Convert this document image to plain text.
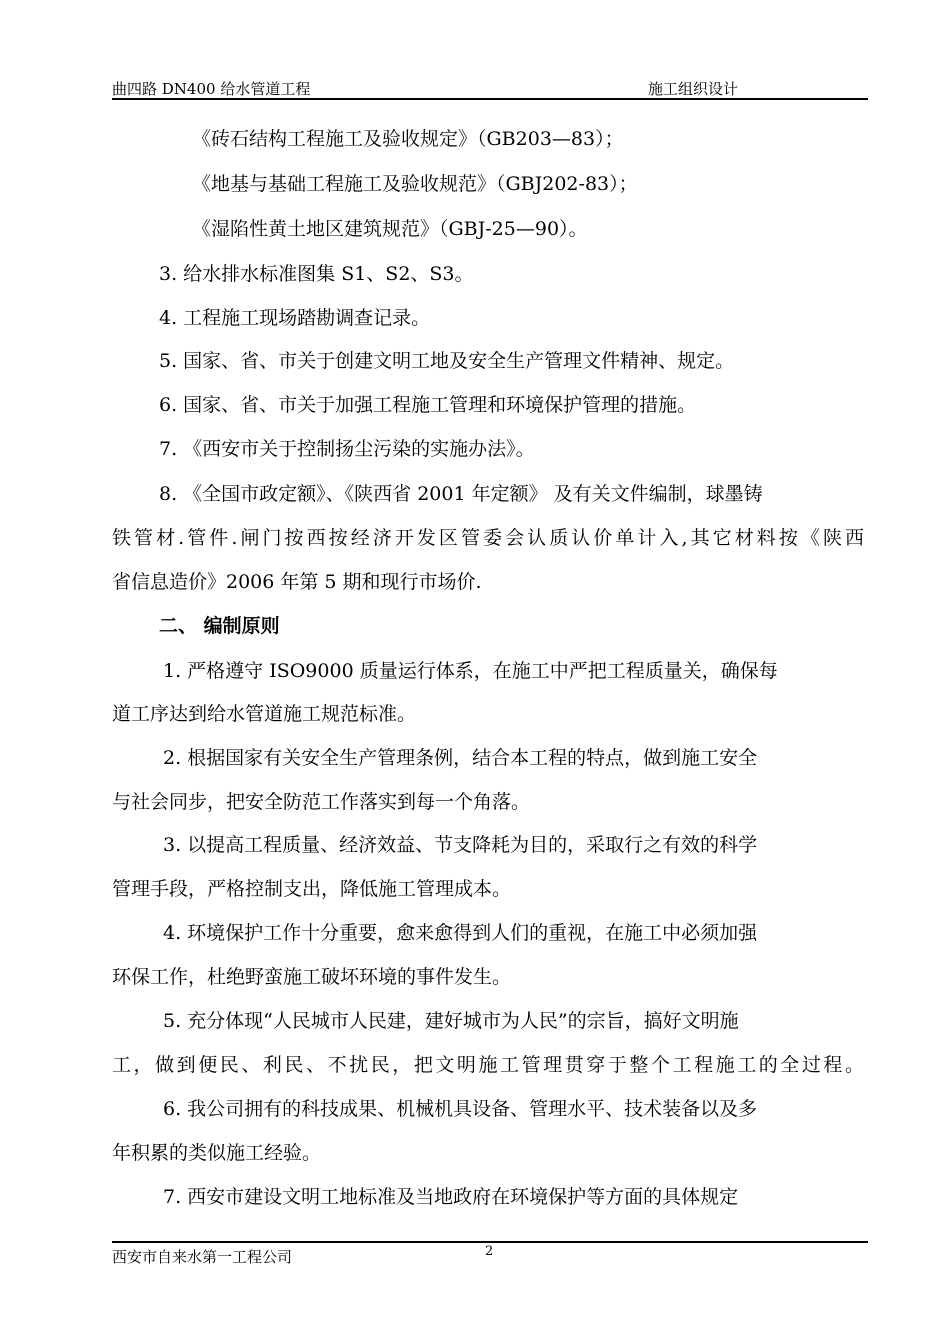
曲四路 DN400 给水管道工程	施工组织设计
《砖石结构工程施工及验收规定》（GB203—83）；
《地基与基础工程施工及验收规范》（GBJ202-83）；
《湿陷性黄土地区建筑规范》（GBJ-25—90）。
3. 给水排水标准图集 S1、S2、S3。
4. 工程施工现场踏勘调查记录。
5. 国家、省、市关于创建文明工地及安全生产管理文件精神、规定。
6. 国家、省、市关于加强工程施工管理和环境保护管理的措施。
7. 《西安市关于控制扬尘污染的实施办法》。
8. 《全国市政定额》、《陕西省 2001 年定额》 及有关文件编制，球墨铸
铁管材.管件.闸门按西按经济开发区管委会认质认价单计入,其它材料按《陕西
省信息造价》2006 年第 5 期和现行市场价.
二、 编制原则
1. 严格遵守 ISO9000 质量运行体系，在施工中严把工程质量关，确保每
道工序达到给水管道施工规范标准。
2. 根据国家有关安全生产管理条例，结合本工程的特点，做到施工安全
与社会同步，把安全防范工作落实到每一个角落。
3. 以提高工程质量、经济效益、节支降耗为目的，采取行之有效的科学
管理手段，严格控制支出，降低施工管理成本。
4. 环境保护工作十分重要，愈来愈得到人们的重视，在施工中必须加强
环保工作，杜绝野蛮施工破坏环境的事件发生。
5. 充分体现“人民城市人民建，建好城市为人民”的宗旨，搞好文明施
工，做到便民、利民、不扰民，把文明施工管理贯穿于整个工程施工的全过程。
6. 我公司拥有的科技成果、机械机具设备、管理水平、技术装备以及多
年积累的类似施工经验。
7. 西安市建设文明工地标准及当地政府在环境保护等方面的具体规定
西安市自来水第一工程公司	2
